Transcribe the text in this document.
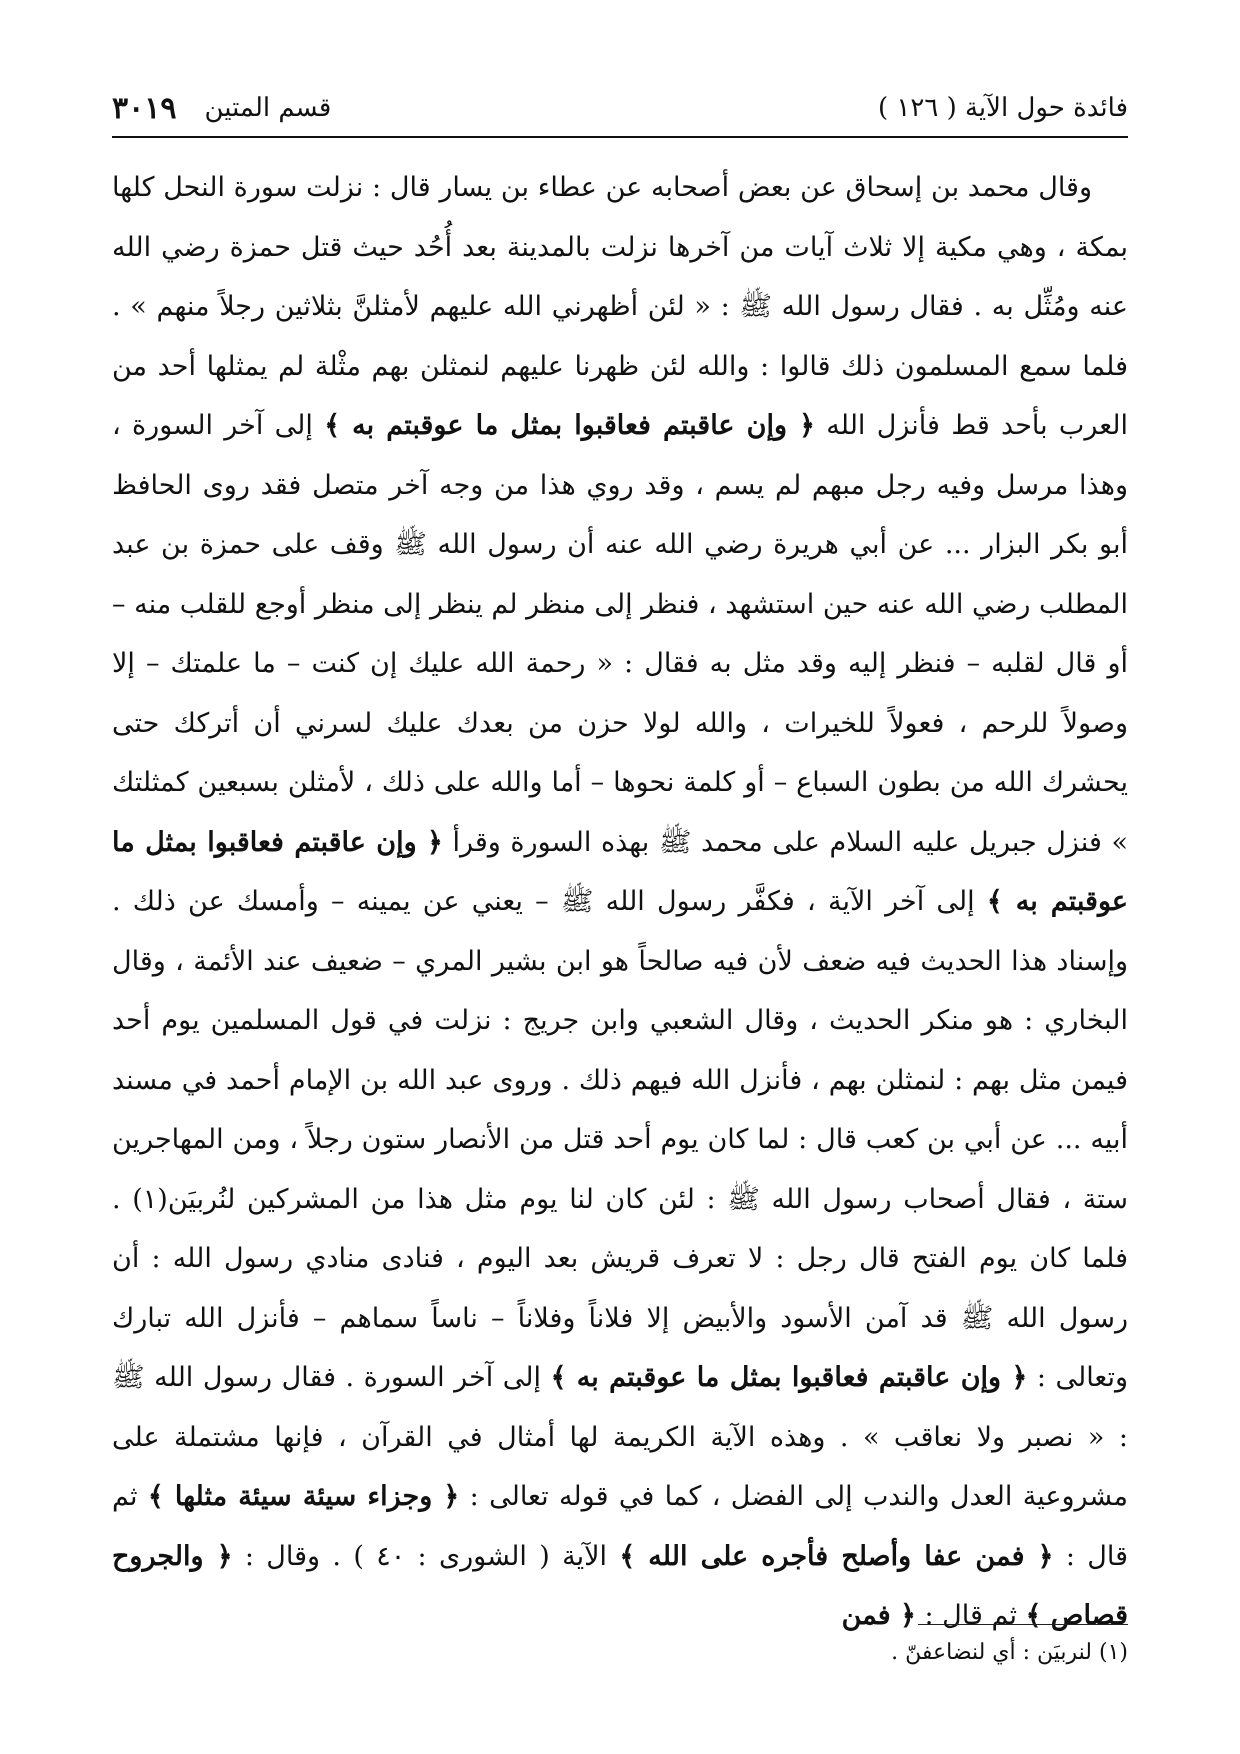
فائدة حول الآية ( ١٢٦ )
قسم المتين
٣٠١٩

وقال محمد بن إسحاق عن بعض أصحابه عن عطاء بن يسار قال : نزلت سورة النحل كلها بمكة ، وهي مكية إلا ثلاث آيات من آخرها نزلت بالمدينة بعد أُحُد حيث قتل حمزة رضي الله عنه ومُثِّل به . فقال رسول الله ﷺ : « لئن أظهرني الله عليهم لأمثلنَّ بثلاثين رجلاً منهم » . فلما سمع المسلمون ذلك قالوا : والله لئن ظهرنا عليهم لنمثلن بهم مثْلة لم يمثلها أحد من العرب بأحد قط فأنزل الله ﴿ وإن عاقبتم فعاقبوا بمثل ما عوقبتم به ﴾ إلى آخر السورة ، وهذا مرسل وفيه رجل مبهم لم يسم ، وقد روي هذا من وجه آخر متصل فقد روى الحافظ أبو بكر البزار ... عن أبي هريرة رضي الله عنه أن رسول الله ﷺ وقف على حمزة بن عبد المطلب رضي الله عنه حين استشهد ، فنظر إلى منظر لم ينظر إلى منظر أوجع للقلب منه – أو قال لقلبه – فنظر إليه وقد مثل به فقال : « رحمة الله عليك إن كنت – ما علمتك – إلا وصولاً للرحم ، فعولاً للخيرات ، والله لولا حزن من بعدك عليك لسرني أن أتركك حتى يحشرك الله من بطون السباع – أو كلمة نحوها – أما والله على ذلك ، لأمثلن بسبعين كمثلتك » فنزل جبريل عليه السلام على محمد ﷺ بهذه السورة وقرأ ﴿ وإن عاقبتم فعاقبوا بمثل ما عوقبتم به ﴾ إلى آخر الآية ، فكفَّر رسول الله ﷺ – يعني عن يمينه – وأمسك عن ذلك . وإسناد هذا الحديث فيه ضعف لأن فيه صالحاً هو ابن بشير المري – ضعيف عند الأئمة ، وقال البخاري : هو منكر الحديث ، وقال الشعبي وابن جريج : نزلت في قول المسلمين يوم أحد فيمن مثل بهم : لنمثلن بهم ، فأنزل الله فيهم ذلك . وروى عبد الله بن الإمام أحمد في مسند أبيه ... عن أبي بن كعب قال : لما كان يوم أحد قتل من الأنصار ستون رجلاً ، ومن المهاجرين ستة ، فقال أصحاب رسول الله ﷺ : لئن كان لنا يوم مثل هذا من المشركين لنُربيَن(١) . فلما كان يوم الفتح قال رجل : لا تعرف قريش بعد اليوم ، فنادى منادي رسول الله : أن رسول الله ﷺ قد آمن الأسود والأبيض إلا فلاناً وفلاناً – ناساً سماهم – فأنزل الله تبارك وتعالى : ﴿ وإن عاقبتم فعاقبوا بمثل ما عوقبتم به ﴾ إلى آخر السورة . فقال رسول الله ﷺ : « نصبر ولا نعاقب » . وهذه الآية الكريمة لها أمثال في القرآن ، فإنها مشتملة على مشروعية العدل والندب إلى الفضل ، كما في قوله تعالى : ﴿ وجزاء سيئة سيئة مثلها ﴾ ثم قال : ﴿ فمن عفا وأصلح فأجره على الله ﴾ الآية ( الشورى : ٤٠ ) . وقال : ﴿ والجروح قصاص ﴾ ثم قال : ﴿ فمن

(١) لنربيَن : أي لنضاعفنّ .
